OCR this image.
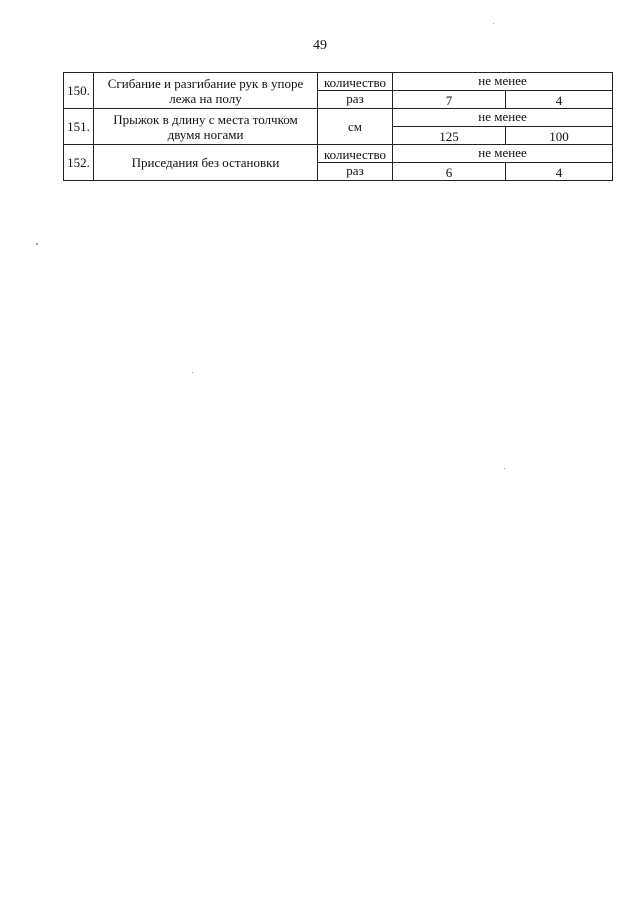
49
150.	Сгибание и разгибание рук в упоре лежа на полу	количество	не менее	
		раз	7	4
151.	Прыжок в длину с места толчком двумя ногами	см	не менее	
			125	100
152.	Приседания без остановки	количество	не менее	
		раз	6	4
